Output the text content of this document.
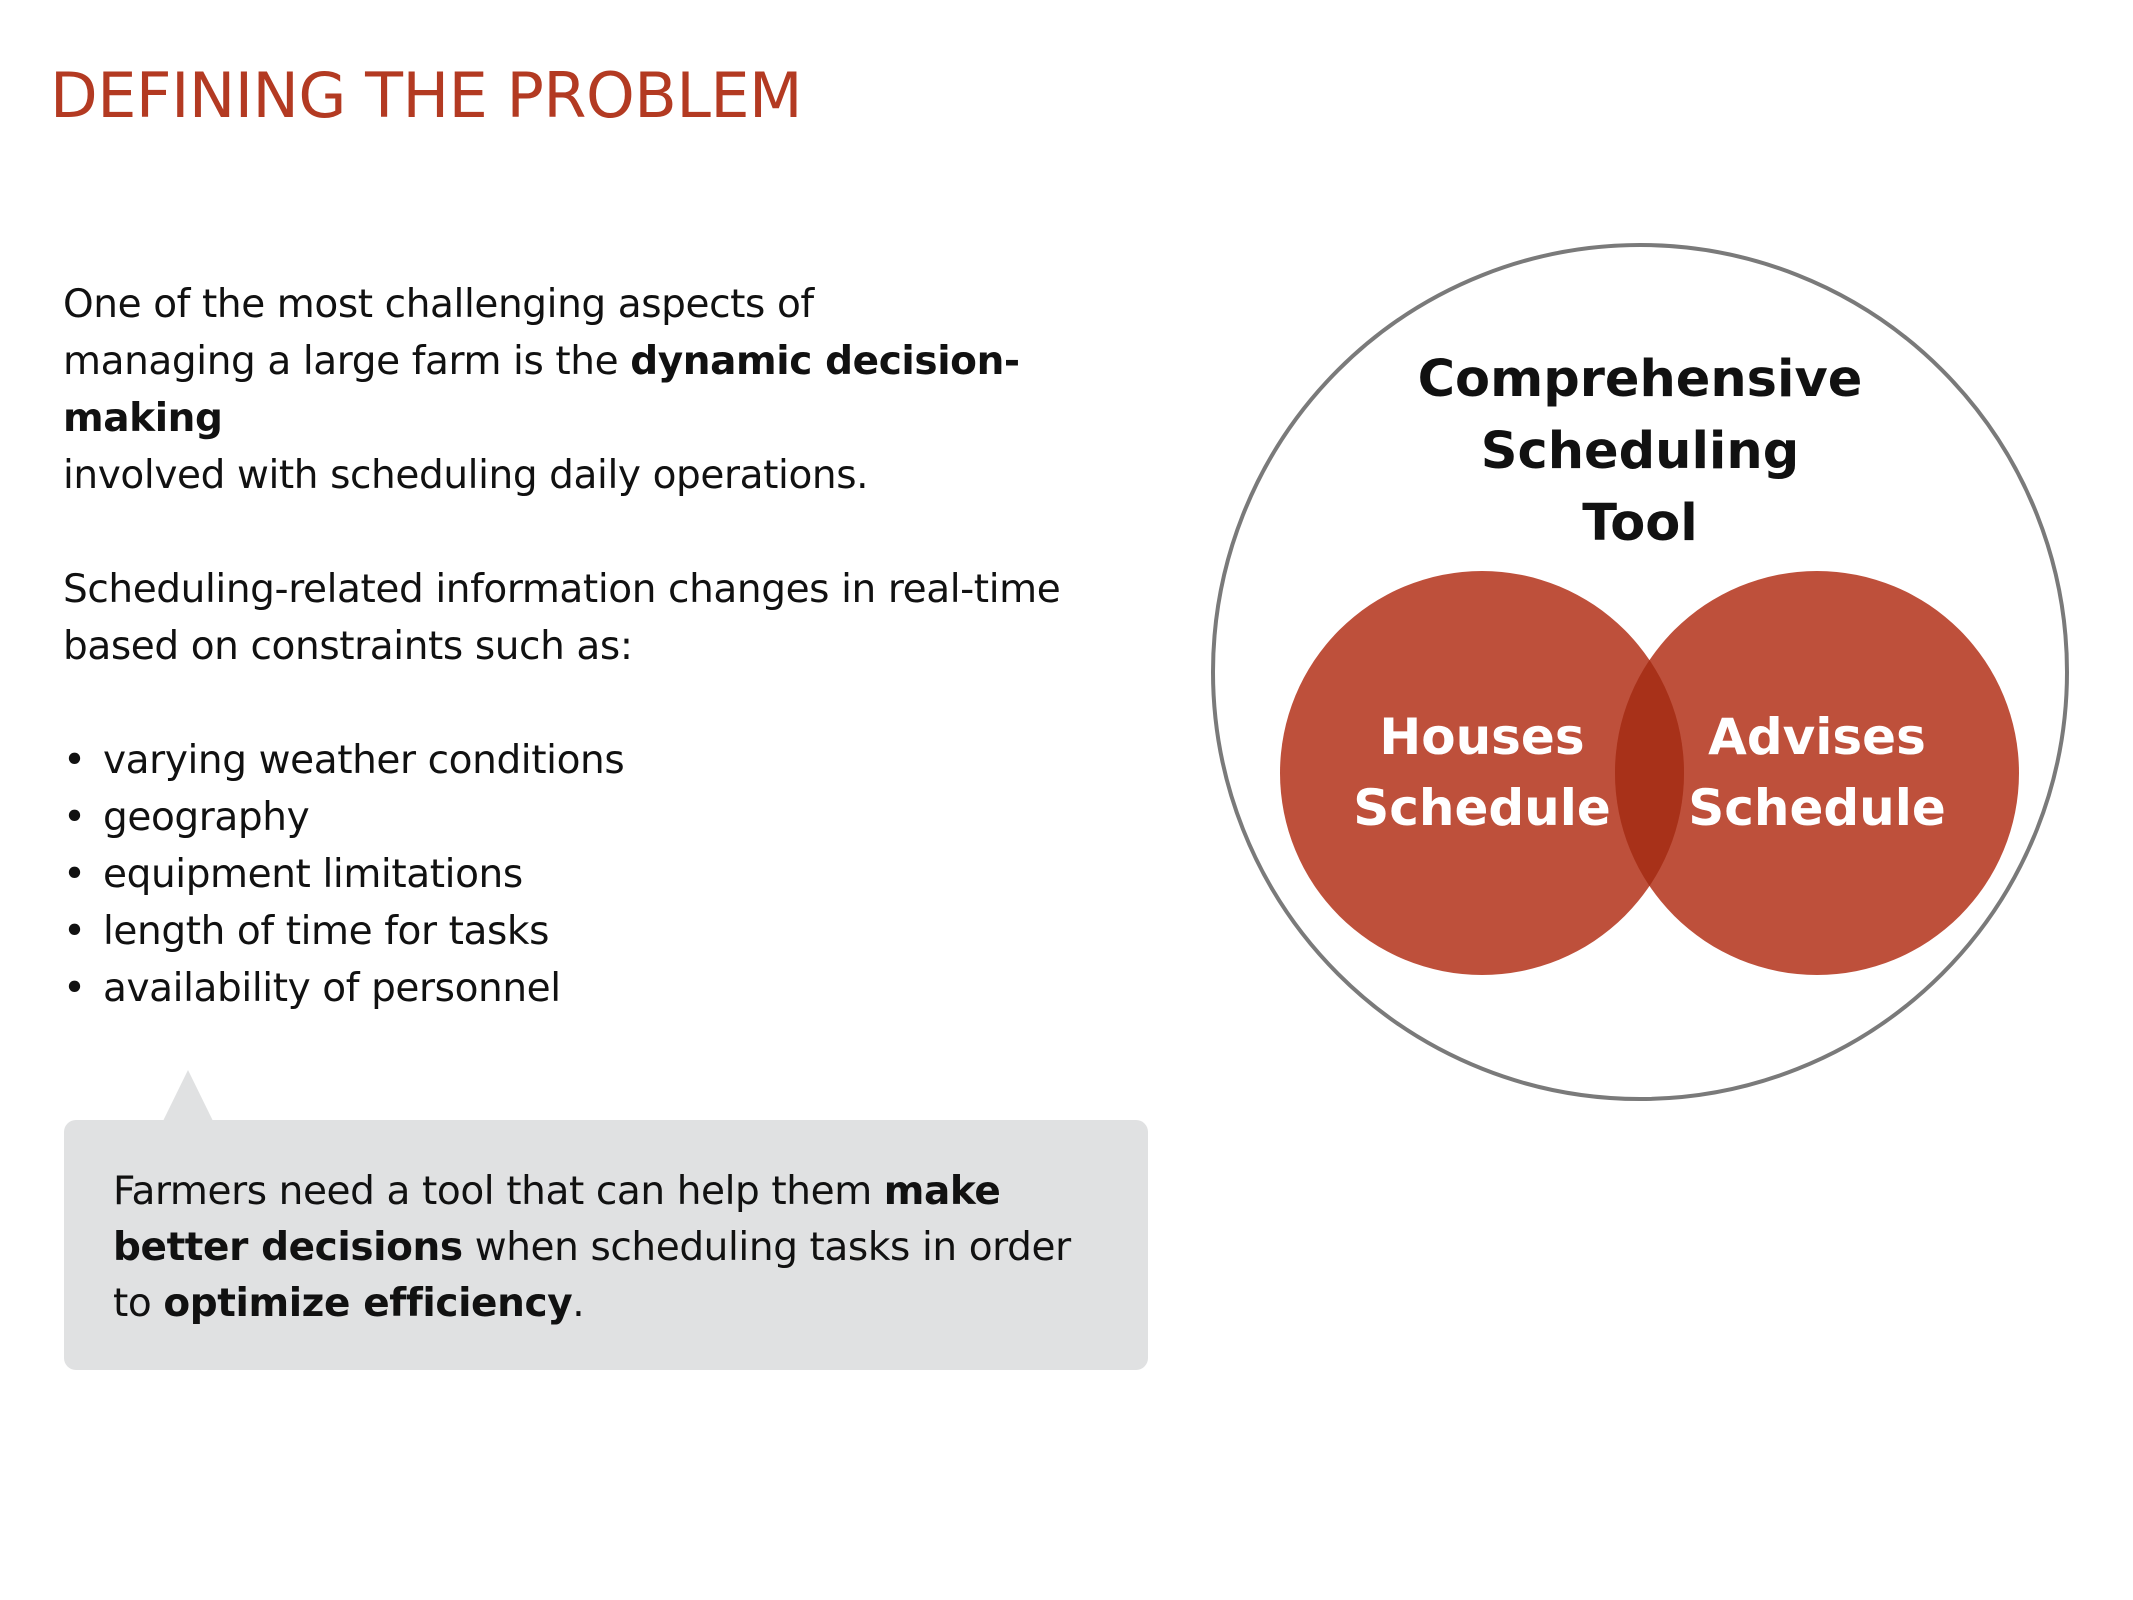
DEFINING THE PROBLEM

One of the most challenging aspects of
managing a large farm is the dynamic decision-making
involved with scheduling daily operations.

Scheduling-related information changes in real-time
based on constraints such as:

• varying weather conditions
• geography
• equipment limitations
• length of time for tasks
• availability of personnel
Farmers need a tool that can help them make
better decisions when scheduling tasks in order
to optimize efficiency.
Comprehensive
Scheduling
Tool
Houses
Schedule
Advises
Schedule
